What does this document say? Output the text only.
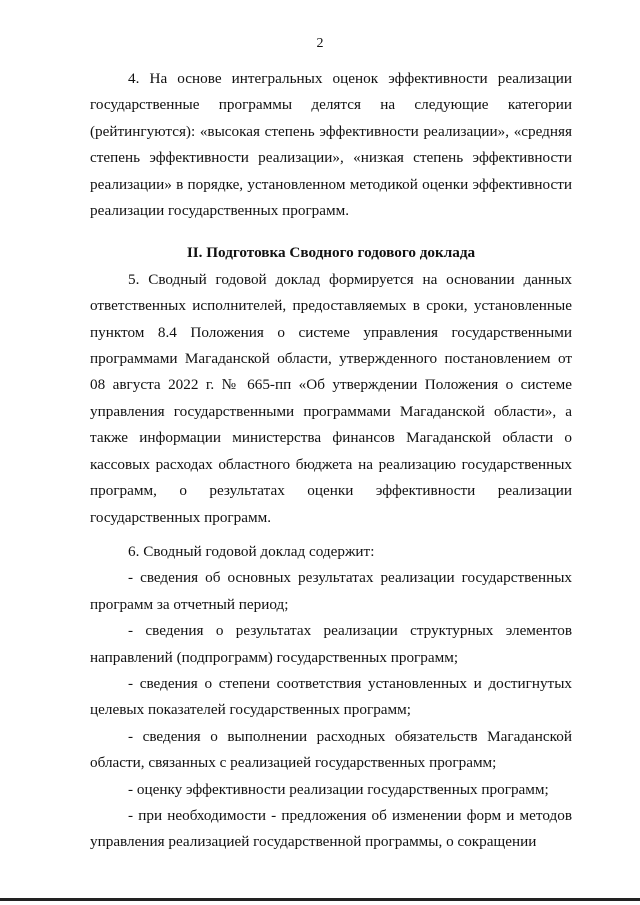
2

4. На основе интегральных оценок эффективности реализации государственные программы делятся на следующие категории (рейтингуются): «высокая степень эффективности реализации», «средняя степень эффективности реализации», «низкая степень эффективности реализации» в порядке, установленном методикой оценки эффективности реализации государственных программ.

II. Подготовка Сводного годового доклада

5. Сводный годовой доклад формируется на основании данных ответственных исполнителей, предоставляемых в сроки, установленные пунктом 8.4 Положения о системе управления государственными программами Магаданской области, утвержденного постановлением от 08 августа 2022 г. № 665-пп «Об утверждении Положения о системе управления государственными программами Магаданской области», а также информации министерства финансов Магаданской области о кассовых расходах областного бюджета на реализацию государственных программ, о результатах оценки эффективности реализации государственных программ.

6. Сводный годовой доклад содержит:

- сведения об основных результатах реализации государственных программ за отчетный период;

- сведения о результатах реализации структурных элементов направлений (подпрограмм) государственных программ;

- сведения о степени соответствия установленных и достигнутых целевых показателей государственных программ;

- сведения о выполнении расходных обязательств Магаданской области, связанных с реализацией государственных программ;

- оценку эффективности реализации государственных программ;

- при необходимости - предложения об изменении форм и методов управления реализацией государственной программы, о сокращении
